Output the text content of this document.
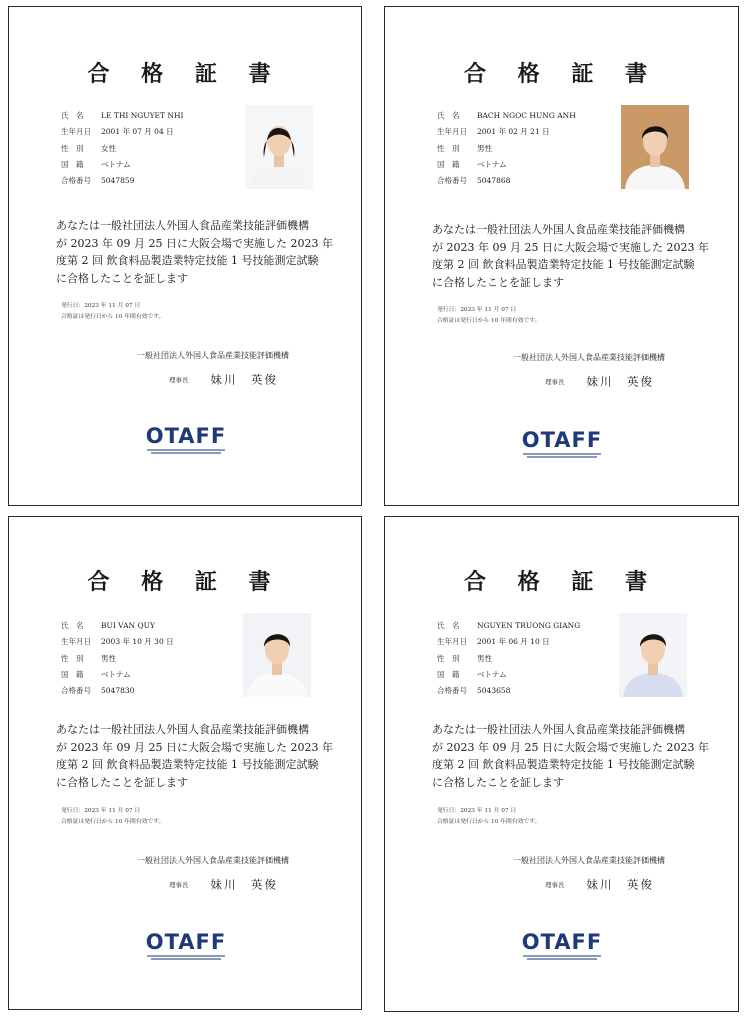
合 格 証 書
氏　名 LE THI NGUYET NHI
生年月日 2001 年 07 月 04 日
性　別 女性
国　籍 ベトナム
合格番号 5047859
あなたは一般社団法人外国人食品産業技能評価機構
が 2023 年 09 月 25 日に大阪会場で実施した 2023 年
度第 2 回 飲食料品製造業特定技能 1 号技能測定試験
に合格したことを証します
発行日：2023 年 11 月 07 日
合格証は発行日から 10 年間有効です。
一般社団法人外国人食品産業技能評価機構
理事長 妹川　英俊
OTAFF
合 格 証 書
氏　名 BACH NGOC HUNG ANH
生年月日 2001 年 02 月 21 日
性　別 男性
国　籍 ベトナム
合格番号 5047868
あなたは一般社団法人外国人食品産業技能評価機構
が 2023 年 09 月 25 日に大阪会場で実施した 2023 年
度第 2 回 飲食料品製造業特定技能 1 号技能測定試験
に合格したことを証します
発行日：2023 年 11 月 07 日
合格証は発行日から 10 年間有効です。
一般社団法人外国人食品産業技能評価機構
理事長 妹川　英俊
OTAFF
合 格 証 書
氏　名 BUI VAN QUY
生年月日 2003 年 10 月 30 日
性　別 男性
国　籍 ベトナム
合格番号 5047830
あなたは一般社団法人外国人食品産業技能評価機構
が 2023 年 09 月 25 日に大阪会場で実施した 2023 年
度第 2 回 飲食料品製造業特定技能 1 号技能測定試験
に合格したことを証します
発行日：2023 年 11 月 07 日
合格証は発行日から 10 年間有効です。
一般社団法人外国人食品産業技能評価機構
理事長 妹川　英俊
OTAFF
合 格 証 書
氏　名 NGUYEN TRUONG GIANG
生年月日 2001 年 06 月 10 日
性　別 男性
国　籍 ベトナム
合格番号 5043658
あなたは一般社団法人外国人食品産業技能評価機構
が 2023 年 09 月 25 日に大阪会場で実施した 2023 年
度第 2 回 飲食料品製造業特定技能 1 号技能測定試験
に合格したことを証します
発行日：2023 年 11 月 07 日
合格証は発行日から 10 年間有効です。
一般社団法人外国人食品産業技能評価機構
理事長 妹川　英俊
OTAFF
